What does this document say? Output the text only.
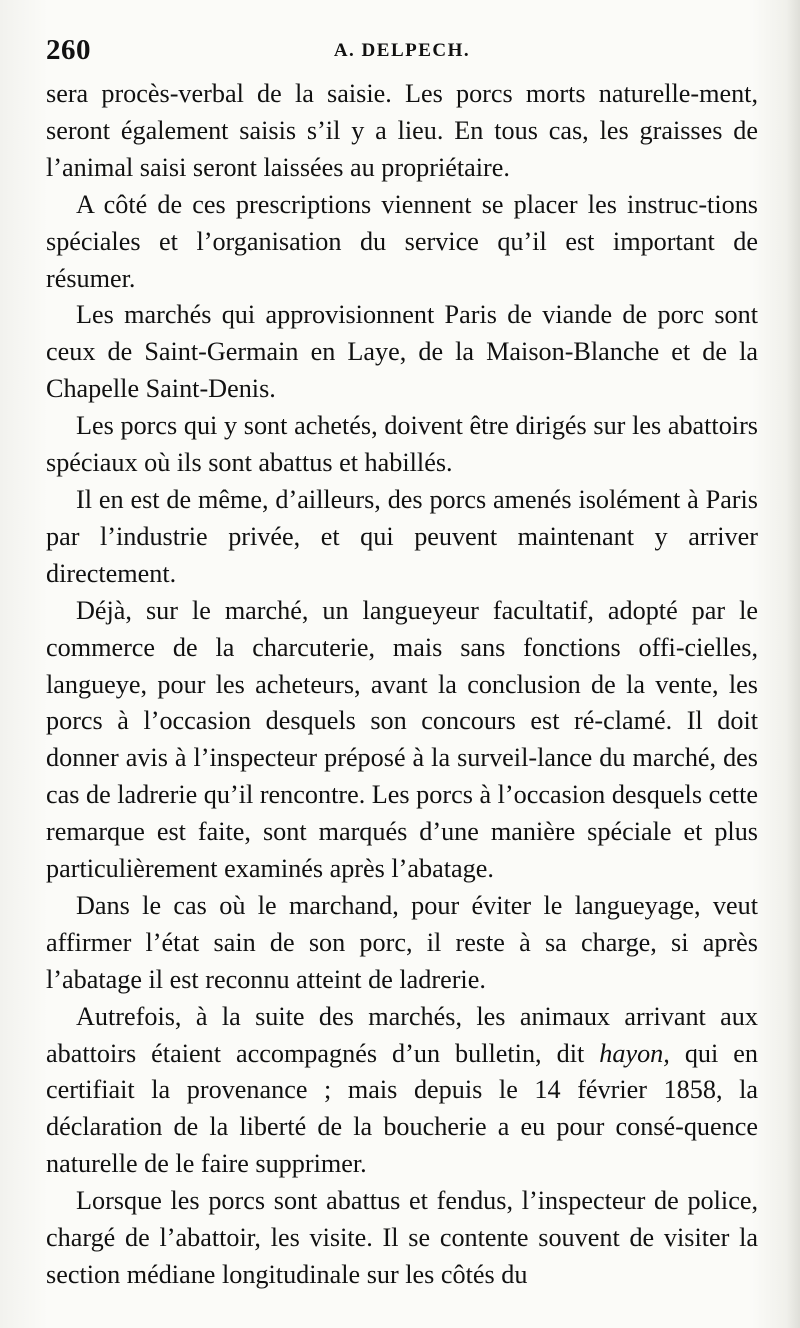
260	A. DELPECH.

sera procès-verbal de la saisie. Les porcs morts naturelle-ment, seront également saisis s’il y a lieu. En tous cas, les graisses de l’animal saisi seront laissées au propriétaire.

A côté de ces prescriptions viennent se placer les instruc-tions spéciales et l’organisation du service qu’il est important de résumer.

Les marchés qui approvisionnent Paris de viande de porc sont ceux de Saint-Germain en Laye, de la Maison-Blanche et de la Chapelle Saint-Denis.

Les porcs qui y sont achetés, doivent être dirigés sur les abattoirs spéciaux où ils sont abattus et habillés.

Il en est de même, d’ailleurs, des porcs amenés isolément à Paris par l’industrie privée, et qui peuvent maintenant y arriver directement.

Déjà, sur le marché, un langueyeur facultatif, adopté par le commerce de la charcuterie, mais sans fonctions offi-cielles, langueye, pour les acheteurs, avant la conclusion de la vente, les porcs à l’occasion desquels son concours est ré-clamé. Il doit donner avis à l’inspecteur préposé à la surveil-lance du marché, des cas de ladrerie qu’il rencontre. Les porcs à l’occasion desquels cette remarque est faite, sont marqués d’une manière spéciale et plus particulièrement examinés après l’abatage.

Dans le cas où le marchand, pour éviter le langueyage, veut affirmer l’état sain de son porc, il reste à sa charge, si après l’abatage il est reconnu atteint de ladrerie.

Autrefois, à la suite des marchés, les animaux arrivant aux abattoirs étaient accompagnés d’un bulletin, dit hayon, qui en certifiait la provenance ; mais depuis le 14 février 1858, la déclaration de la liberté de la boucherie a eu pour consé-quence naturelle de le faire supprimer.

Lorsque les porcs sont abattus et fendus, l’inspecteur de police, chargé de l’abattoir, les visite. Il se contente souvent de visiter la section médiane longitudinale sur les côtés du
